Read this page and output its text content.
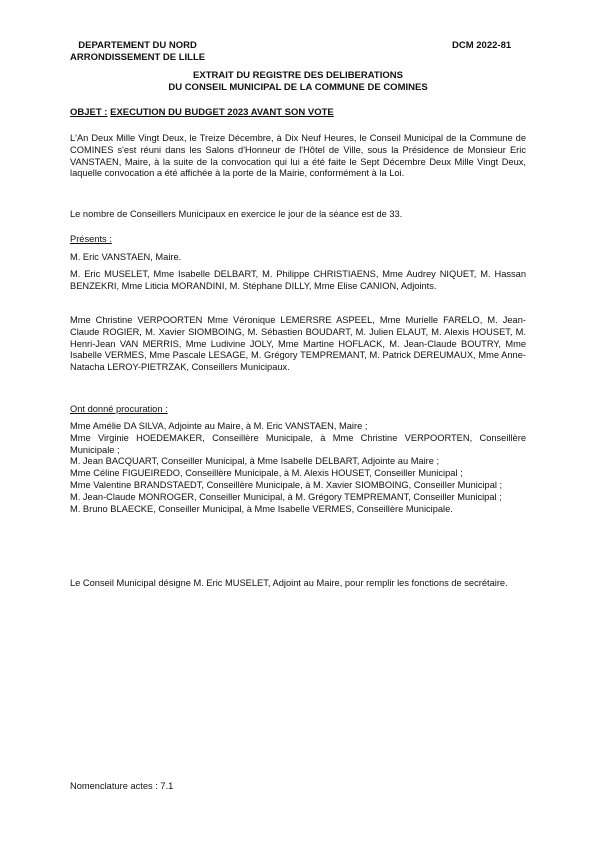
DEPARTEMENT DU NORD
ARRONDISSEMENT DE LILLE
DCM 2022-81
EXTRAIT DU REGISTRE DES DELIBERATIONS
DU CONSEIL MUNICIPAL DE LA COMMUNE DE COMINES
OBJET : EXECUTION DU BUDGET 2023 AVANT SON VOTE

L'An Deux Mille Vingt Deux, le Treize Décembre, à Dix Neuf Heures, le Conseil Municipal de la Commune de COMINES s'est réuni dans les Salons d'Honneur de l'Hôtel de Ville, sous la Présidence de Monsieur Eric VANSTAEN, Maire, à la suite de la convocation qui lui a été faite le Sept Décembre Deux Mille Vingt Deux, laquelle convocation a été affichée à la porte de la Mairie, conformément à la Loi.

Le nombre de Conseillers Municipaux en exercice le jour de la séance est de 33.

Présents :

M. Eric VANSTAEN, Maire.

M. Eric MUSELET, Mme Isabelle DELBART, M. Philippe CHRISTIAENS, Mme Audrey NIQUET, M. Hassan BENZEKRI, Mme Liticia MORANDINI, M. Stéphane DILLY, Mme Elise CANION, Adjoints.

Mme Christine VERPOORTEN Mme Véronique LEMERSRE ASPEEL, Mme Murielle FARELO, M. Jean-Claude ROGIER, M. Xavier SIOMBOING, M. Sébastien BOUDART, M. Julien ELAUT, M. Alexis HOUSET, M. Henri-Jean VAN MERRIS, Mme Ludivine JOLY, Mme Martine HOFLACK, M. Jean-Claude BOUTRY, Mme Isabelle VERMES, Mme Pascale LESAGE, M. Grégory TEMPREMANT, M. Patrick DEREUMAUX, Mme Anne-Natacha LEROY-PIETRZAK, Conseillers Municipaux.

Ont donné procuration :

Mme Amélie DA SILVA, Adjointe au Maire, à M. Eric VANSTAEN, Maire ;

Mme Virginie HOEDEMAKER, Conseillère Municipale, à Mme Christine VERPOORTEN, Conseillère Municipale ;

M. Jean BACQUART, Conseiller Municipal, à Mme Isabelle DELBART, Adjointe au Maire ;

Mme Céline FIGUEIREDO, Conseillère Municipale, à M. Alexis HOUSET, Conseiller Municipal ;

Mme Valentine BRANDSTAEDT, Conseillère Municipale, à M. Xavier SIOMBOING, Conseiller Municipal ;

M. Jean-Claude MONROGER, Conseiller Municipal, à M. Grégory TEMPREMANT, Conseiller Municipal ;

M. Bruno BLAECKE, Conseiller Municipal, à Mme Isabelle VERMES, Conseillère Municipale.

Le Conseil Municipal désigne M. Eric MUSELET, Adjoint au Maire, pour remplir les fonctions de secrétaire.

Nomenclature actes : 7.1
